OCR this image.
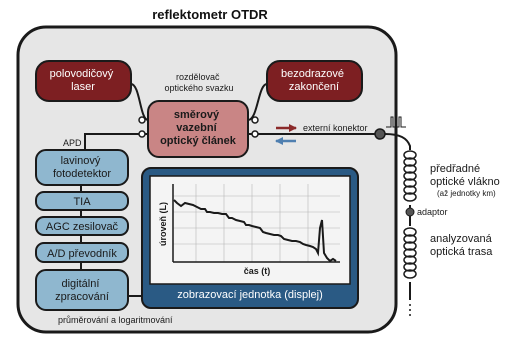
reflektometr OTDR
polovodičový laser
bezodrazové zakončení
rozdělovač optického svazku
směrový vazební optický článek
APD
externí konektor
lavinový fotodetektor
TIA
AGC zesilovač
A/D převodník
digitální zpracování
průměrování a logaritmování
zobrazovací jednotka (displej)
úroveň (L)
čas (t)
předřadné optické vlákno (až jednotky km)
adaptor
analyzovaná optická trasa
